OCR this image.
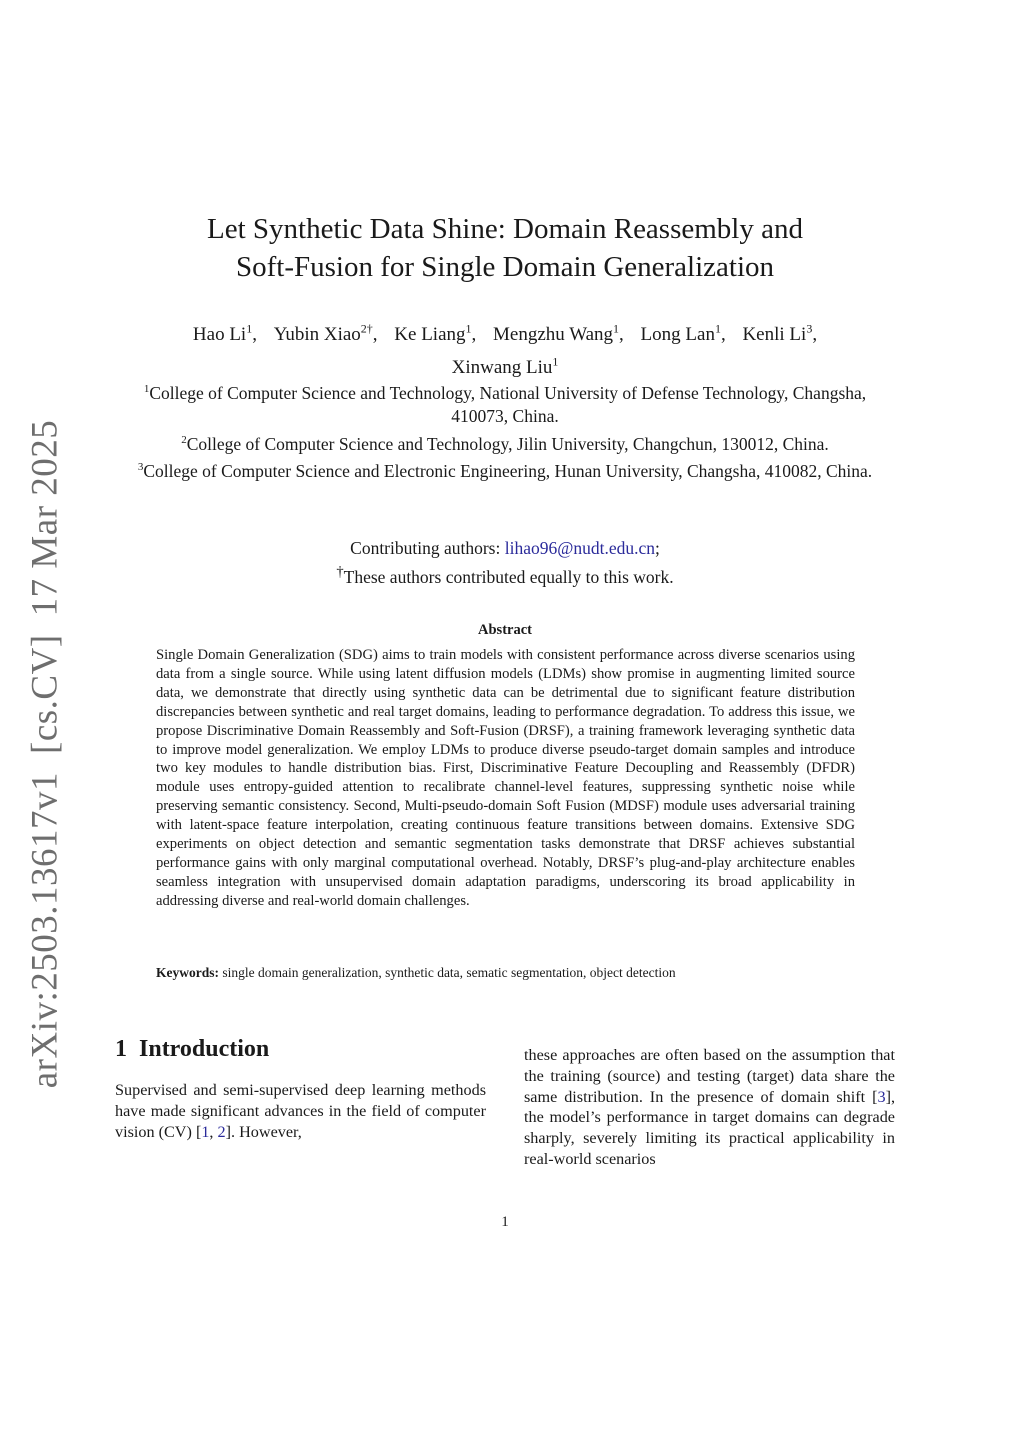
arXiv:2503.13617v1[cs.CV]17 Mar 2025
Let Synthetic Data Shine: Domain Reassembly and
Soft-Fusion for Single Domain Generalization
Hao Li$^1$, Yubin Xiao$^{2\dagger}$, Ke Liang$^1$, Mengzhu Wang$^1$, Long Lan$^1$, Kenli Li$^3$,
Xinwang Liu$^1$
$^1$College of Computer Science and Technology, National University of Defense Technology, Changsha, 410073, China.
$^2$College of Computer Science and Technology, Jilin University, Changchun, 130012, China.
$^3$College of Computer Science and Electronic Engineering, Hunan University, Changsha, 410082, China.
Contributing authors: lihao96@nudt.edu.cn;
†These authors contributed equally to this work.
Abstract
Single Domain Generalization (SDG) aims to train models with consistent performance across diverse scenarios using data from a single source. While using latent diffusion models (LDMs) show promise in augmenting limited source data, we demonstrate that directly using synthetic data can be detrimental due to significant feature distribution discrepancies between synthetic and real target domains, leading to performance degradation. To address this issue, we propose Discriminative Domain Reassembly and Soft-Fusion (DRSF), a training framework leveraging synthetic data to improve model generalization. We employ LDMs to produce diverse pseudo-target domain samples and introduce two key modules to handle distribution bias. First, Discriminative Feature Decoupling and Reassembly (DFDR) module uses entropy-guided attention to recalibrate channel-level features, suppressing synthetic noise while preserving semantic consistency. Second, Multi-pseudo-domain Soft Fusion (MDSF) module uses adversarial training with latent-space feature interpolation, creating continuous feature transitions between domains. Extensive SDG experiments on object detection and semantic segmentation tasks demonstrate that DRSF achieves substantial performance gains with only marginal computational overhead. Notably, DRSF’s plug-and-play architecture enables seamless integration with unsupervised domain adaptation paradigms, underscoring its broad applicability in addressing diverse and real-world domain challenges.
Keywords: single domain generalization, synthetic data, sematic segmentation, object detection
1 Introduction
Supervised and semi-supervised deep learning methods have made significant advances in the field of computer vision (CV) [1, 2]. However,
these approaches are often based on the assumption that the training (source) and testing (target) data share the same distribution. In the presence of domain shift [3], the model’s performance in target domains can degrade sharply, severely limiting its practical applicability in real-world scenarios
1
